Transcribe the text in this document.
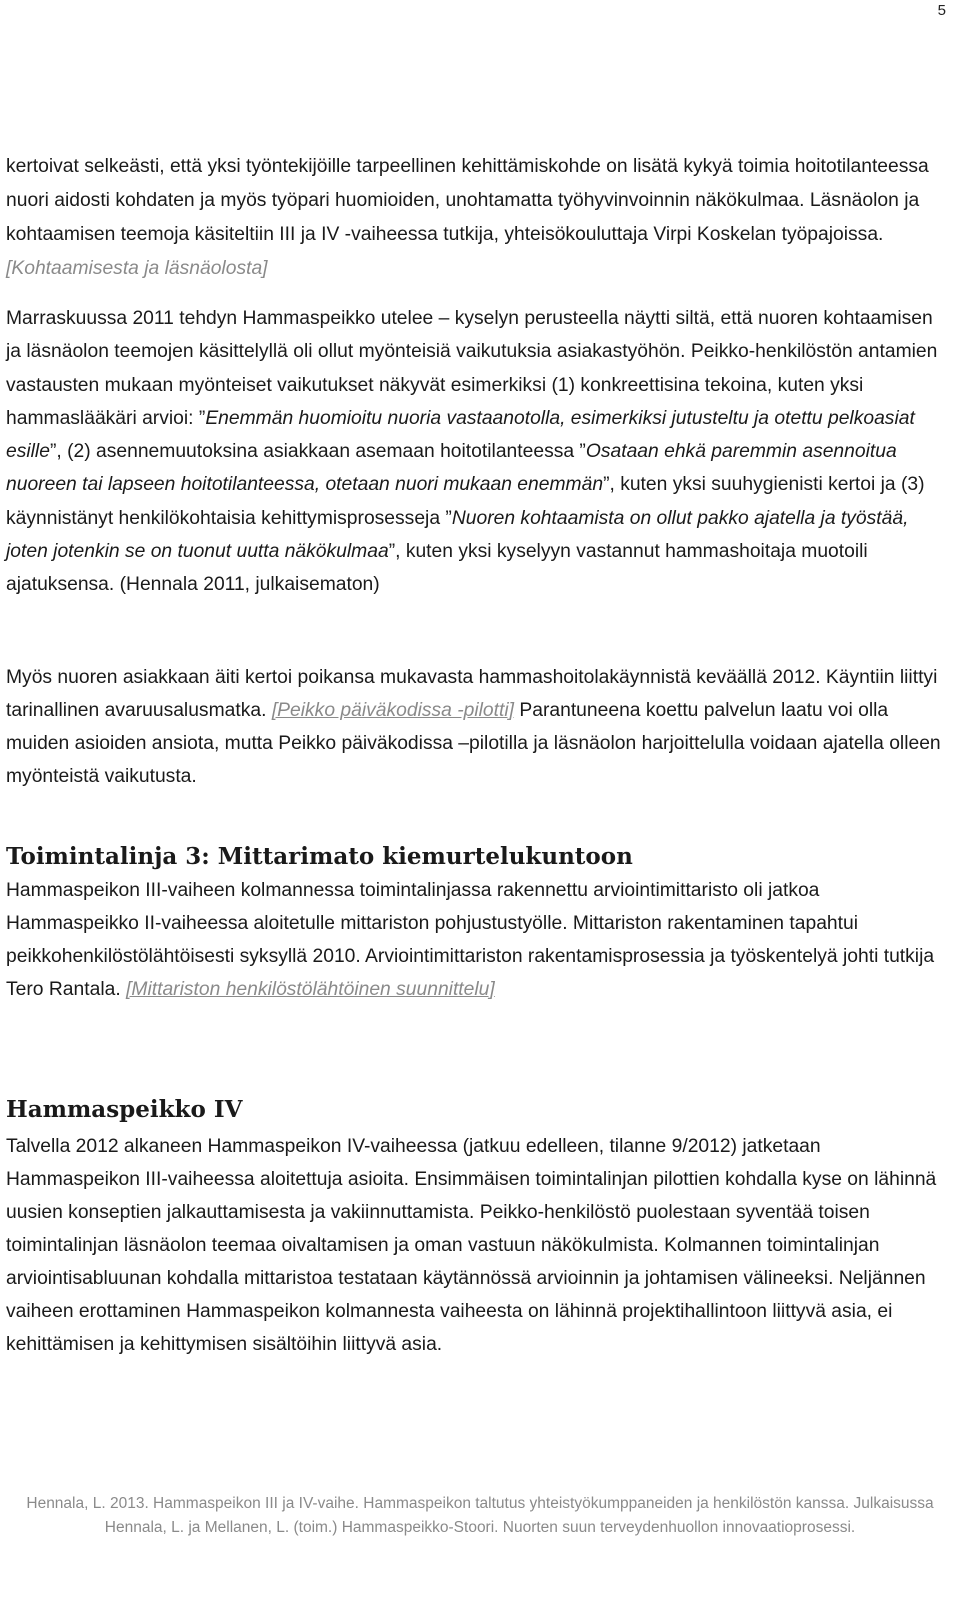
5

kertoivat selkeästi, että yksi työntekijöille tarpeellinen kehittämiskohde on lisätä kykyä toimia hoitotilanteessa nuori aidosti kohdaten ja myös työpari huomioiden, unohtamatta työhyvinvoinnin näkökulmaa. Läsnäolon ja kohtaamisen teemoja käsiteltiin III ja IV -vaiheessa tutkija, yhteisökouluttaja Virpi Koskelan työpajoissa. [Kohtaamisesta ja läsnäolosta]

Marraskuussa 2011 tehdyn Hammaspeikko utelee – kyselyn perusteella näytti siltä, että nuoren kohtaamisen ja läsnäolon teemojen käsittelyllä oli ollut myönteisiä vaikutuksia asiakastyöhön. Peikko-henkilöstön antamien vastausten mukaan myönteiset vaikutukset näkyvät esimerkiksi (1) konkreettisina tekoina, kuten yksi hammaslääkäri arvioi: ”Enemmän huomioitu nuoria vastaanotolla, esimerkiksi jutusteltu ja otettu pelkoasiat esille”, (2) asennemuutoksina asiakkaan asemaan hoitotilanteessa ”Osataan ehkä paremmin asennoitua nuoreen tai lapseen hoitotilanteessa, otetaan nuori mukaan enemmän”, kuten yksi suuhygienisti kertoi ja (3) käynnistänyt henkilökohtaisia kehittymisprosesseja ”Nuoren kohtaamista on ollut pakko ajatella ja työstää, joten jotenkin se on tuonut uutta näkökulmaa”, kuten yksi kyselyyn vastannut hammashoitaja muotoili ajatuksensa. (Hennala 2011, julkaisematon)

Myös nuoren asiakkaan äiti kertoi poikansa mukavasta hammashoitolakäynnistä keväällä 2012. Käyntiin liittyi tarinallinen avaruusalusmatka. [Peikko päiväkodissa -pilotti] Parantuneena koettu palvelun laatu voi olla muiden asioiden ansiota, mutta Peikko päiväkodissa –pilotilla ja läsnäolon harjoittelulla voidaan ajatella olleen myönteistä vaikutusta.

Toimintalinja 3: Mittarimato kiemurtelukuntoon

Hammaspeikon III-vaiheen kolmannessa toimintalinjassa rakennettu arviointimittaristo oli jatkoa Hammaspeikko II-vaiheessa aloitetulle mittariston pohjustustyölle. Mittariston rakentaminen tapahtui peikkohenkilöstölähtöisesti syksyllä 2010. Arviointimittariston rakentamisprosessia ja työskentelyä johti tutkija Tero Rantala. [Mittariston henkilöstölähtöinen suunnittelu]

Hammaspeikko IV

Talvella 2012 alkaneen Hammaspeikon IV-vaiheessa (jatkuu edelleen, tilanne 9/2012) jatketaan Hammaspeikon III-vaiheessa aloitettuja asioita. Ensimmäisen toimintalinjan pilottien kohdalla kyse on lähinnä uusien konseptien jalkauttamisesta ja vakiinnuttamista. Peikko-henkilöstö puolestaan syventää toisen toimintalinjan läsnäolon teemaa oivaltamisen ja oman vastuun näkökulmista. Kolmannen toimintalinjan arviointisabluunan kohdalla mittaristoa testataan käytännössä arvioinnin ja johtamisen välineeksi. Neljännen vaiheen erottaminen Hammaspeikon kolmannesta vaiheesta on lähinnä projektihallintoon liittyvä asia, ei kehittämisen ja kehittymisen sisältöihin liittyvä asia.

Hennala, L. 2013. Hammaspeikon III ja IV-vaihe. Hammaspeikon taltutus yhteistyökumppaneiden ja henkilöstön kanssa. Julkaisussa Hennala, L. ja Mellanen, L. (toim.) Hammaspeikko-Stoori. Nuorten suun terveydenhuollon innovaatioprosessi.
